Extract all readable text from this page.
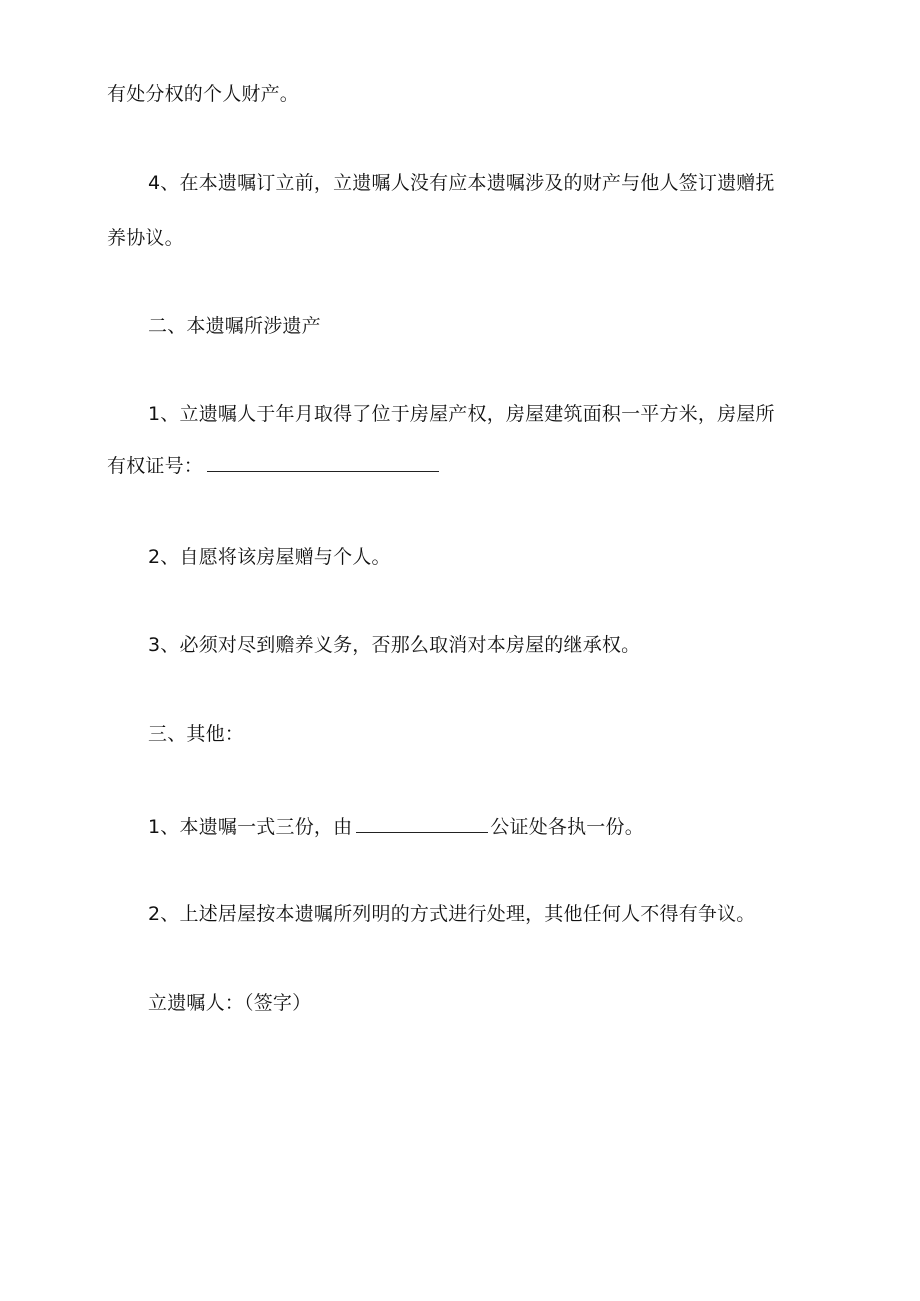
有处分权的个人财产。
4、在本遗嘱订立前，立遗嘱人没有应本遗嘱涉及的财产与他人签订遗赠抚
养协议。
二、本遗嘱所涉遗产
1、立遗嘱人于年月取得了位于房屋产权，房屋建筑面积一平方米，房屋所
有权证号：
2、自愿将该房屋赠与个人。
3、必须对尽到赡养义务，否那么取消对本房屋的继承权。
三、其他：
1、本遗嘱一式三份，由	公证处各执一份。
2、上述居屋按本遗嘱所列明的方式进行处理，其他任何人不得有争议。
立遗嘱人：（签字）
